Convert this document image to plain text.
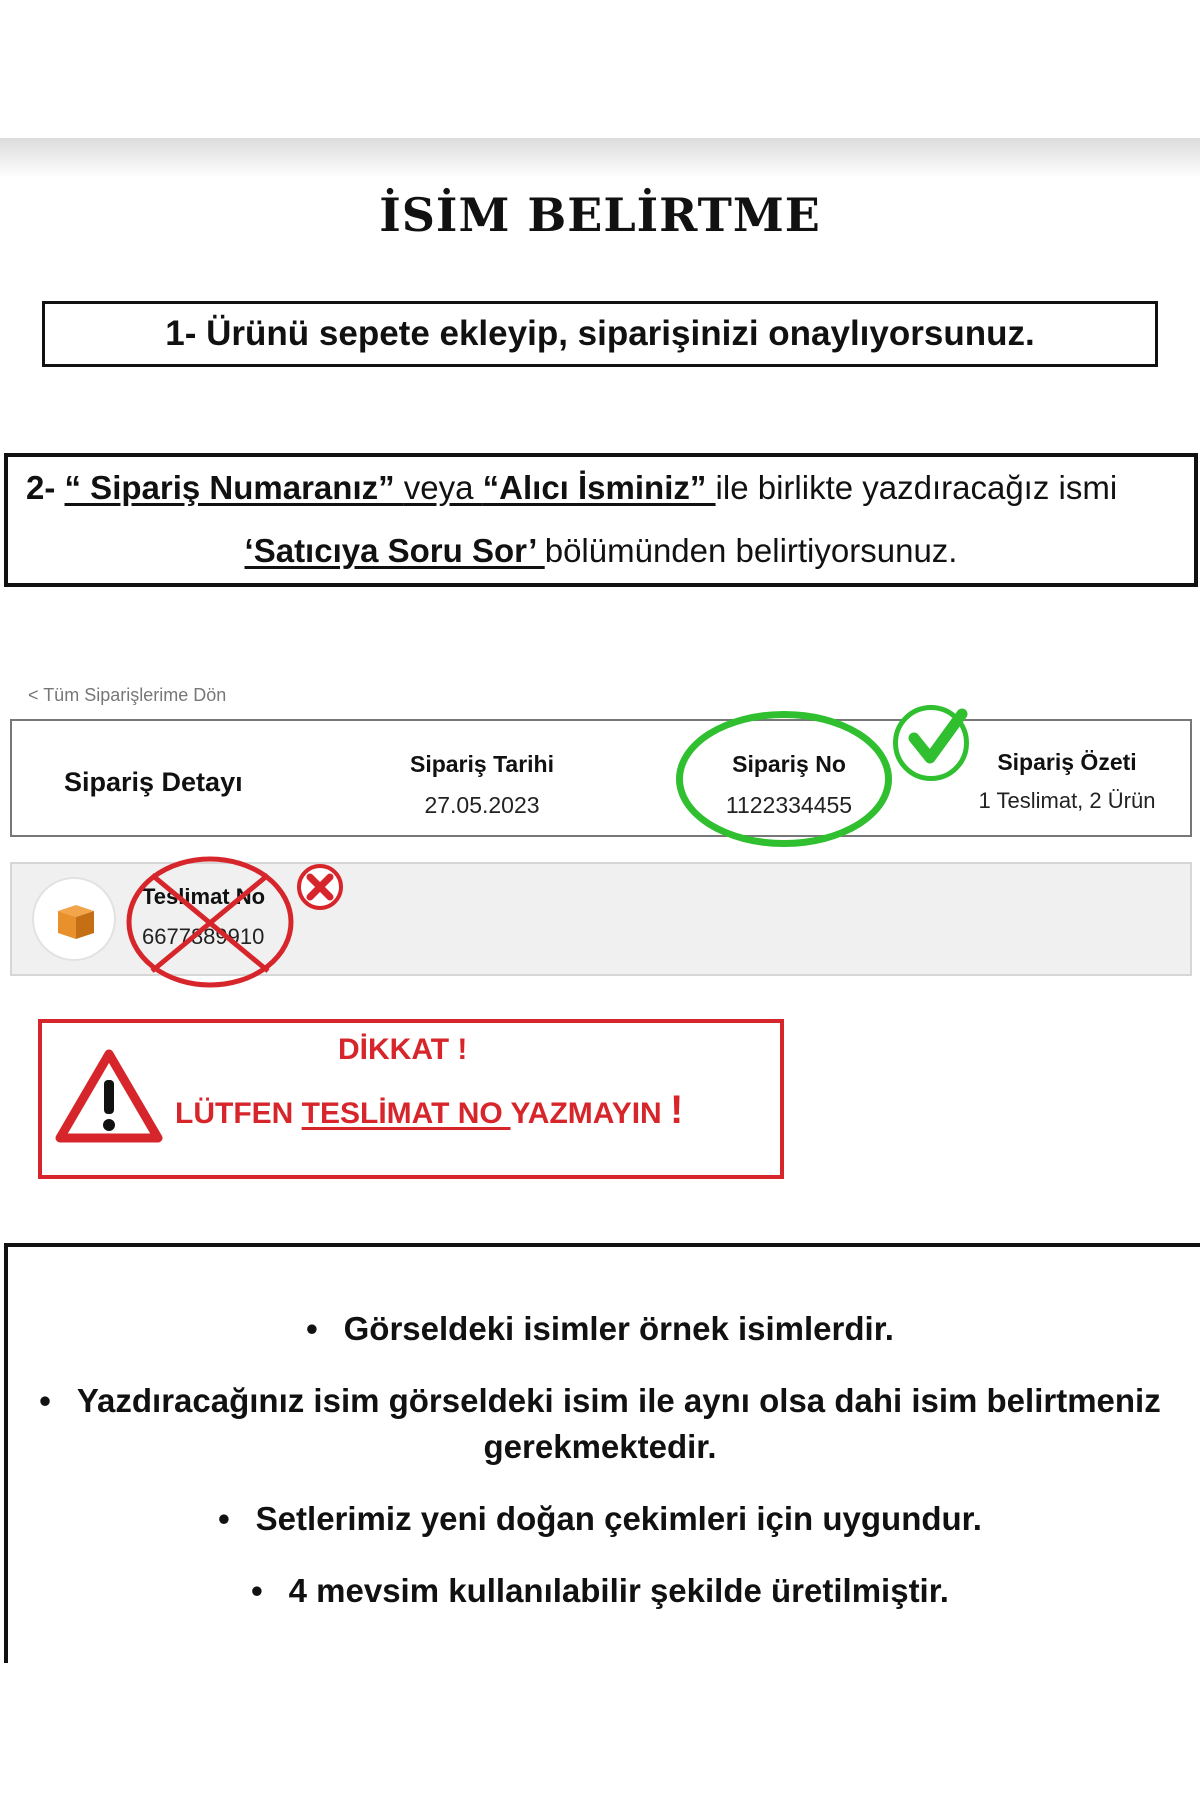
İSİM BELİRTME
1- Ürünü sepete ekleyip, siparişinizi onaylıyorsunuz.
2- “ Sipariş Numaranız” veya “Alıcı İsminiz” ile birlikte yazdıracağız ismi
‘Satıcıya Soru Sor’ bölümünden belirtiyorsunuz.
< Tüm Siparişlerime Dön
Sipariş Detayı
Sipariş Tarihi
27.05.2023
Sipariş No
1122334455
Sipariş Özeti
1 Teslimat, 2 Ürün
Teslimat No
6677889910
DİKKAT !
LÜTFEN TESLİMAT NO YAZMAYIN !
• Görseldeki isimler örnek isimlerdir.
• Yazdıracağınız isim görseldeki isim ile aynı olsa dahi isim belirtmeniz
gerekmektedir.
• Setlerimiz yeni doğan çekimleri için uygundur.
• 4 mevsim kullanılabilir şekilde üretilmiştir.
